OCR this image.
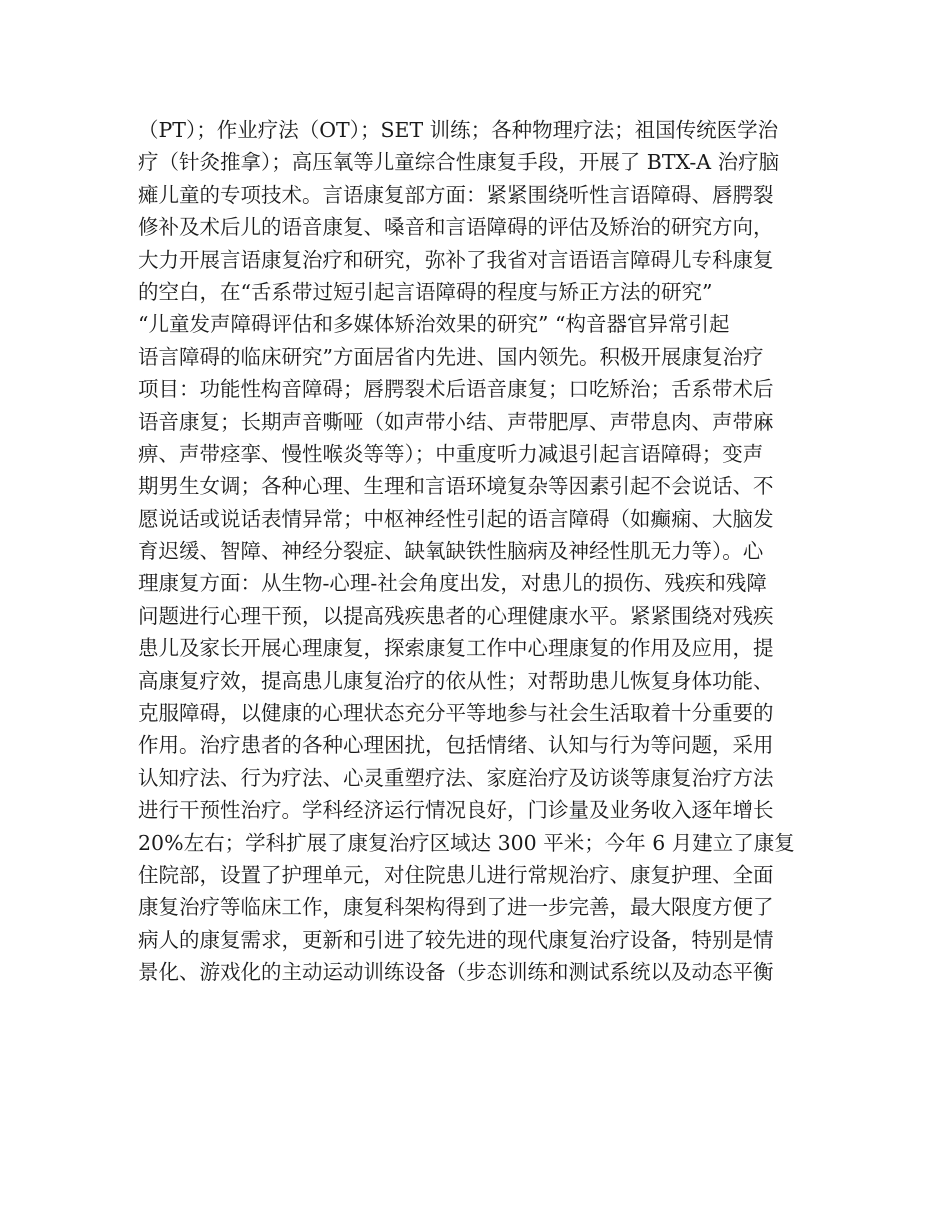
（PT）；作业疗法（OT）；SET 训练；各种物理疗法；祖国传统医学治
疗（针灸推拿）；高压氧等儿童综合性康复手段，开展了 BTX-A 治疗脑
瘫儿童的专项技术。言语康复部方面：紧紧围绕听性言语障碍、唇腭裂
修补及术后儿的语音康复、嗓音和言语障碍的评估及矫治的研究方向，
大力开展言语康复治疗和研究，弥补了我省对言语语言障碍儿专科康复
的空白，在“舌系带过短引起言语障碍的程度与矫正方法的研究”
“儿童发声障碍评估和多媒体矫治效果的研究” “构音器官异常引起
语言障碍的临床研究”方面居省内先进、国内领先。积极开展康复治疗
项目：功能性构音障碍；唇腭裂术后语音康复；口吃矫治；舌系带术后
语音康复；长期声音嘶哑（如声带小结、声带肥厚、声带息肉、声带麻
痹、声带痉挛、慢性喉炎等等）；中重度听力减退引起言语障碍；变声
期男生女调；各种心理、生理和言语环境复杂等因素引起不会说话、不
愿说话或说话表情异常；中枢神经性引起的语言障碍（如癫痫、大脑发
育迟缓、智障、神经分裂症、缺氧缺铁性脑病及神经性肌无力等）。心
理康复方面：从生物-心理-社会角度出发，对患儿的损伤、残疾和残障
问题进行心理干预，以提高残疾患者的心理健康水平。紧紧围绕对残疾
患儿及家长开展心理康复，探索康复工作中心理康复的作用及应用，提
高康复疗效，提高患儿康复治疗的依从性；对帮助患儿恢复身体功能、
克服障碍，以健康的心理状态充分平等地参与社会生活取着十分重要的
作用。治疗患者的各种心理困扰，包括情绪、认知与行为等问题，采用
认知疗法、行为疗法、心灵重塑疗法、家庭治疗及访谈等康复治疗方法
进行干预性治疗。学科经济运行情况良好，门诊量及业务收入逐年增长
20%左右；学科扩展了康复治疗区域达 300 平米；今年 6 月建立了康复
住院部，设置了护理单元，对住院患儿进行常规治疗、康复护理、全面
康复治疗等临床工作，康复科架构得到了进一步完善，最大限度方便了
病人的康复需求，更新和引进了较先进的现代康复治疗设备，特别是情
景化、游戏化的主动运动训练设备（步态训练和测试系统以及动态平衡
